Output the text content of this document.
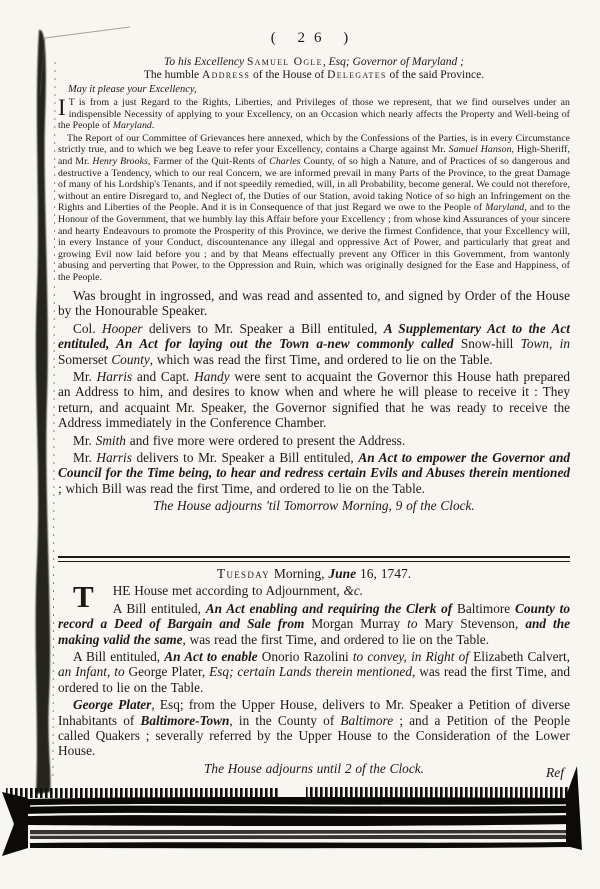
( 26 )

To his Excellency Samuel Ogle, Esq; Governor of Maryland ;

The humble Address of the House of Delegates of the said Province.

May it please your Excellency,

I T is from a just Regard to the Rights, Liberties, and Privileges of those we represent, that we find ourselves under an indispensible Necessity of applying to your Excellency, on an Occasion which nearly affects the Property and Well-being of the People of Maryland.

The Report of our Committee of Grievances here annexed, which by the Confessions of the Parties, is in every Circumstance strictly true, and to which we beg Leave to refer your Excellency, contains a Charge against Mr. Samuel Hanson, High-Sheriff, and Mr. Henry Brooks, Farmer of the Quit-Rents of Charles County, of so high a Nature, and of Practices of so dangerous and destructive a Tendency, which to our real Concern, we are informed prevail in many Parts of the Province, to the great Damage of many of his Lordship's Tenants, and if not speedily remedied, will, in all Probability, become general. We could not therefore, without an entire Disregard to, and Neglect of, the Duties of our Station, avoid taking Notice of so high an Infringement on the Rights and Liberties of the People. And it is in Consequence of that just Regard we owe to the People of Maryland, and to the Honour of the Government, that we humbly lay this Affair before your Excellency ; from whose kind Assurances of your sincere and hearty Endeavours to promote the Prosperity of this Province, we derive the firmest Confidence, that your Excellency will, in every Instance of your Conduct, discountenance any illegal and oppressive Act of Power, and particularly that great and growing Evil now laid before you ; and by that Means effectually prevent any Officer in this Government, from wantonly abusing and perverting that Power, to the Oppression and Ruin, which was originally designed for the Ease and Happiness, of the People.

Was brought in ingrossed, and was read and assented to, and signed by Order of the House by the Honourable Speaker.

Col. Hooper delivers to Mr. Speaker a Bill entituled, A Supplementary Act to the Act entituled, An Act for laying out the Town a-new commonly called Snow-hill Town, in Somerset County, which was read the first Time, and ordered to lie on the Table.

Mr. Harris and Capt. Handy were sent to acquaint the Governor this House hath prepared an Address to him, and desires to know when and where he will please to receive it : They return, and acquaint Mr. Speaker, the Governor signified that he was ready to receive the Address immediately in the Conference Chamber.

Mr. Smith and five more were ordered to present the Address.

Mr. Harris delivers to Mr. Speaker a Bill entituled, An Act to empower the Governor and Council for the Time being, to hear and redress certain Evils and Abuses therein mentioned ; which Bill was read the first Time, and ordered to lie on the Table.

The House adjourns 'til Tomorrow Morning, 9 of the Clock.

Tuesday Morning, June 16, 1747.

T	HE House met according to Adjournment, &c.

A Bill entituled, An Act enabling and requiring the Clerk of Baltimore County to record a Deed of Bargain and Sale from Morgan Murray to Mary Stevenson, and the making valid the same, was read the first Time, and ordered to lie on the Table.

A Bill entituled, An Act to enable Onorio Razolini to convey, in Right of Elizabeth Calvert, an Infant, to George Plater, Esq; certain Lands therein mentioned, was read the first Time, and ordered to lie on the Table.

George Plater, Esq; from the Upper House, delivers to Mr. Speaker a Petition of diverse Inhabitants of Baltimore-Town, in the County of Baltimore ; and a Petition of the People called Quakers ; severally referred by the Upper House to the Consideration of the Lower House.

The House adjourns until 2 of the Clock.	Ref
